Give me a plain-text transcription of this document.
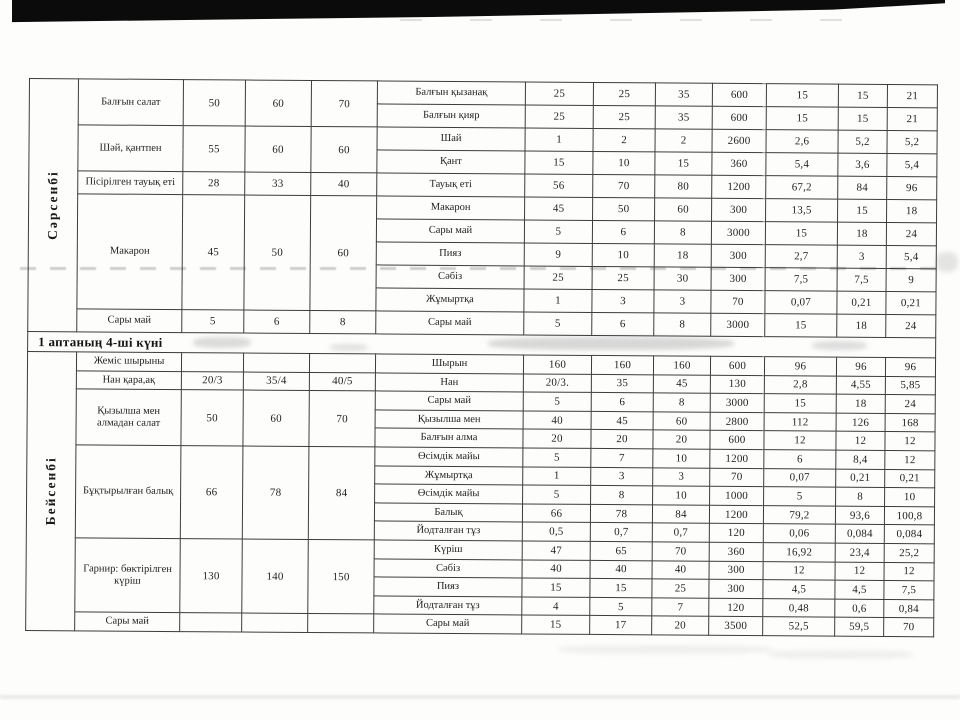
Сәрсенбі	Балғын салат	50	60	70	Балғын қызанақ	25	25	35	600	15	15	21
					Балғын қияр	25	25	35	600	15	15	21
	Шәй, қантпен	55	60	60	Шай	1	2	2	2600	2,6	5,2	5,2
					Қант	15	10	15	360	5,4	3,6	5,4
	Пісірілген тауық еті	28	33	40	Тауық еті	56	70	80	1200	67,2	84	96
	Макарон	45	50	60	Макарон	45	50	60	300	13,5	15	18
					Сары май	5	6	8	3000	15	18	24
					Пияз	9	10	18	300	2,7	3	5,4
					Сәбіз	25	25	30	300	7,5	7,5	9
					Жұмыртқа	1	3	3	70	0,07	0,21	0,21
	Сары май	5	6	8	Сары май	5	6	8	3000	15	18	24
1 аптаның 4-ші күні												

Бейсенбі	Жеміс шырыны				Шырын	160	160	160	600	96	96	96
	Нан қара,ақ	20/3	35/4	40/5	Нан	20/3.	35	45	130	2,8	4,55	5,85
	Қызылша мен алмадан салат	50	60	70	Сары май	5	6	8	3000	15	18	24
					Қызылша мен	40	45	60	2800	112	126	168
					Балғын алма	20	20	20	600	12	12	12
	Бұқтырылған балық	66	78	84	Өсімдік майы	5	7	10	1200	6	8,4	12
					Жұмыртқа	1	3	3	70	0,07	0,21	0,21
					Өсімдік майы	5	8	10	1000	5	8	10
					Балық	66	78	84	1200	79,2	93,6	100,8
					Йодталған тұз	0,5	0,7	0,7	120	0,06	0,084	0,084
	Гарнир: бөктірілген күріш	130	140	150	Күріш	47	65	70	360	16,92	23,4	25,2
					Сәбіз	40	40	40	300	12	12	12
					Пияз	15	15	25	300	4,5	4,5	7,5
					Йодталған тұз	4	5	7	120	0,48	0,6	0,84
	Сары май				Сары май	15	17	20	3500	52,5	59,5	70
